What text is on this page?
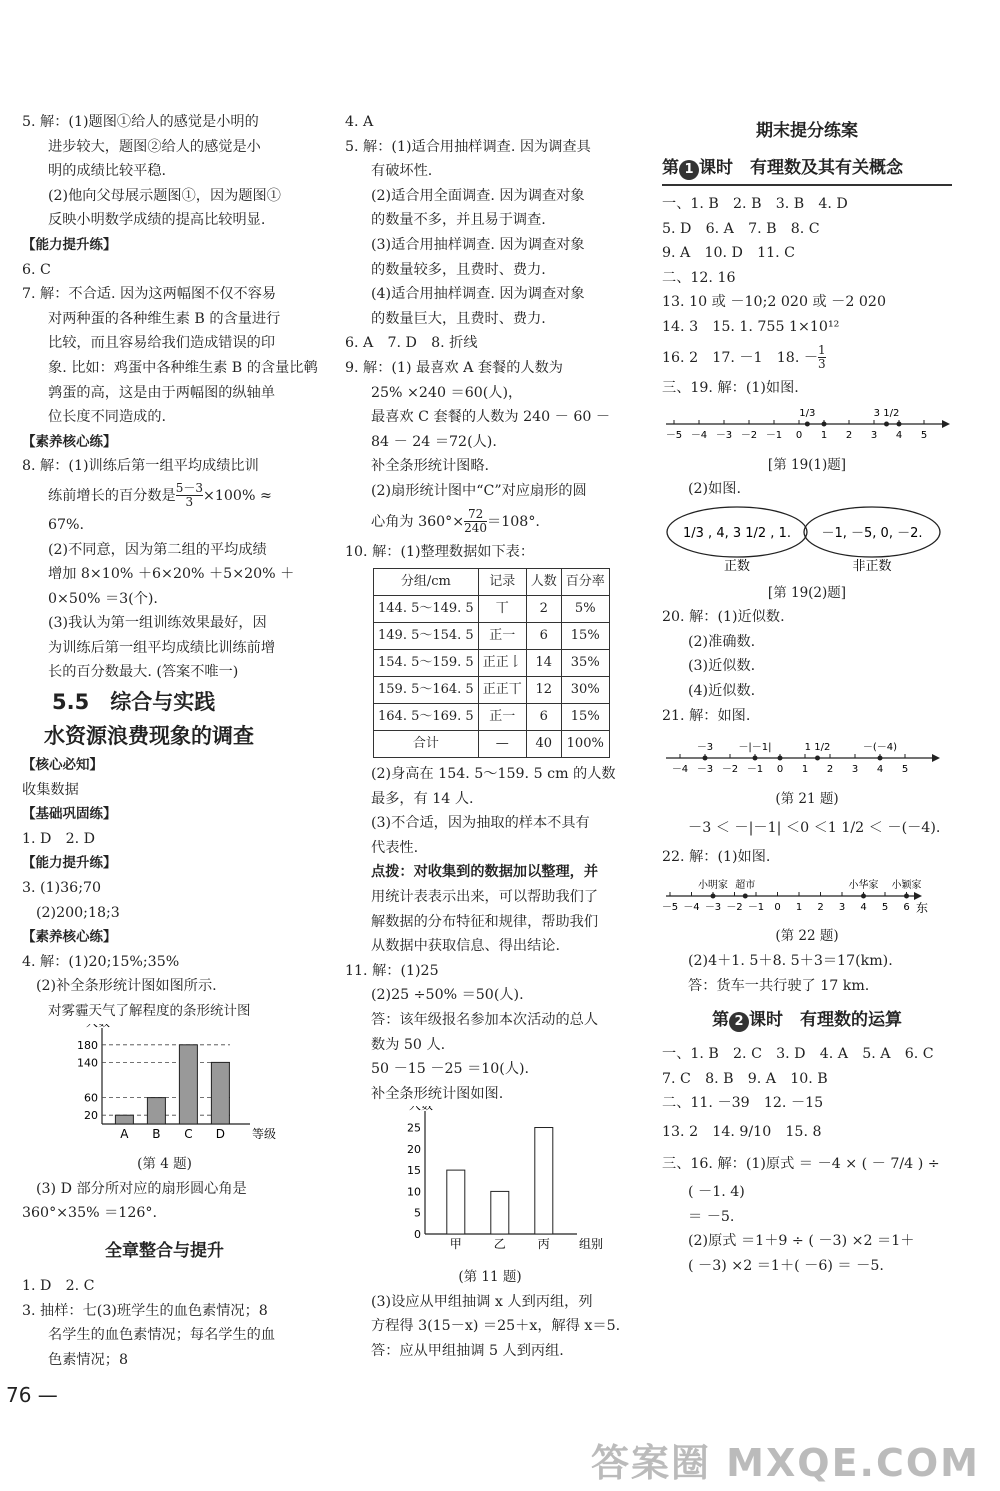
5. 解：(1)题图①给人的感觉是小明的
进步较大，题图②给人的感觉是小
明的成绩比较平稳.
(2)他向父母展示题图①，因为题图①
反映小明数学成绩的提高比较明显.
【能力提升练】
6. C
7. 解：不合适. 因为这两幅图不仅不容易
对两种蛋的各种维生素 B 的含量进行
比较，而且容易给我们造成错误的印
象. 比如：鸡蛋中各种维生素 B 的含量比鹌
鹑蛋的高，这是由于两幅图的纵轴单
位长度不同造成的.
【素养核心练】
8. 解：(1)训练后第一组平均成绩比训
练前增长的百分数是 $\frac{5-3}{3} \times 100\%$ ≈
67%.
(2)不同意，因为第二组的平均成绩
增加 8×10% ＋6×20% ＋5×20% ＋
0×50% ＝3(个).
(3)我认为第一组训练效果最好，因
为训练后第一组平均成绩比训练前增
长的百分数最大. (答案不唯一)
5.5　综合与实践
水资源浪费现象的调查
【核心必知】
收集数据
【基础巩固练】
1. D　2. D
【能力提升练】
3. (1)36;70
(2)200;18;3
【素养核心练】
4. 解：(1)20;15%;35%
(2)补全条形统计图如图所示.
对雾霾天气了解程度的条形统计图
等级
20
60
140
180
A B C D
(第 4 题)
(3) D 部分所对应的扇形圆心角是
360°×35% ＝126°.
全章整合与提升
1. D　2. C
3. 抽样：七(3)班学生的血色素情况；8
名学生的血色素情况；每名学生的血
色素情况；8
4. A
5. 解：(1)适合用抽样调查. 因为调查具
有破坏性.
(2)适合用全面调查. 因为调查对象
的数量不多，并且易于调查.
(3)适合用抽样调查. 因为调查对象
的数量较多，且费时、费力.
(4)适合用抽样调查. 因为调查对象
的数量巨大，且费时、费力.
6. A　7. D　8. 折线
9. 解：(1) 最喜欢 A 套餐的人数为
25% ×240 ＝60(人)，
最喜欢 C 套餐的人数为 240 － 60 －
84 － 24 ＝72(人).
补全条形统计图略.
(2)扇形统计图中“C”对应扇形的圆
心角为 $360^\circ\times \frac{72}{240} =108^\circ$.
10. 解：(1)整理数据如下表：
分组/cm	记录	人数	百分率
144. 5～149. 5	丅	2	5%
149. 5～154. 5	正一	6	15%
154. 5～159. 5	正正𠄌	14	35%
159. 5～164. 5	正正丅	12	30%
164. 5～169. 5	正一	6	15%
合计	—	40	100%
(2)身高在 154. 5～159. 5 cm 的人数
最多，有 14 人.
(3)不合适，因为抽取的样本不具有
代表性.
点拨：对收集到的数据加以整理，并
用统计表表示出来，可以帮助我们了
解数据的分布特征和规律，帮助我们
从数据中获取信息、得出结论.
11. 解：(1)25
(2)25 ÷50% ＝50(人).
答：该年级报名参加本次活动的总人
数为 50 人.
50 －15 －25 ＝10(人).
补全条形统计图如图.
组别
0
5
10
15
20
25
甲	乙	丙
(第 11 题)
(3)设应从甲组抽调 x 人到丙组，列
方程得 3(15－x) ＝25＋x，解得 x＝5.
答：应从甲组抽调 5 人到丙组.
期末提分练案
第 1 课时　有理数及其有关概念
一、1. B　2. B　3. B　4. D
5. D　6. A　7. B　8. C
9. A　10. D　11. C
二、12. 16
13. 10 或 －10;2 020 或 －2 020
14. 3　15. 1. 755 1×10¹²
16. 2　17. －1　18. － $\frac{1}{3}$
三、19. 解：(1)如图.
－5 －4 －3 －2 －1 0 1 2 3 4 5
1/3	3 1/2
[第 19(1)题]
(2)如图.
1/3 , 4, 3 1/2 , 1. －1, －5, 0, －2.
正数	非正数
[第 19(2)题]
20. 解：(1)近似数.
(2)准确数.
(3)近似数.
(4)近似数.
21. 解：如图.
－4 －3 －2 －1 0 1 2 3 4 5
－3	－|－1|	1 1/2	－(－4)
(第 21 题)
－3 ＜ －|－1| ＜0 ＜1 1/2 ＜ －(－4).
22. 解：(1)如图.
－5 －4 －3 －2 －1 0 1 2 3 4 5 6
小明家 超市	小华家 小颖家
东
(第 22 题)
(2)4＋1. 5＋8. 5＋3＝17(km).
答：货车一共行驶了 17 km.
第 2 课时　有理数的运算
一、1. B　2. C　3. D　4. A　5. A　6. C
7. C　8. B　9. A　10. B
二、11. －39　12. －15
13. 2　14. 9/10　15. 8
三、16. 解：(1)原式 ＝ －4 × ( － 7/4 ) ÷
( －1. 4)
＝ －5.
(2)原式 ＝1＋9 ÷ ( －3) ×2 ＝1＋
( －3) ×2 ＝1＋( －6) ＝ －5.
76 —
答案圈 MXQE.COM
